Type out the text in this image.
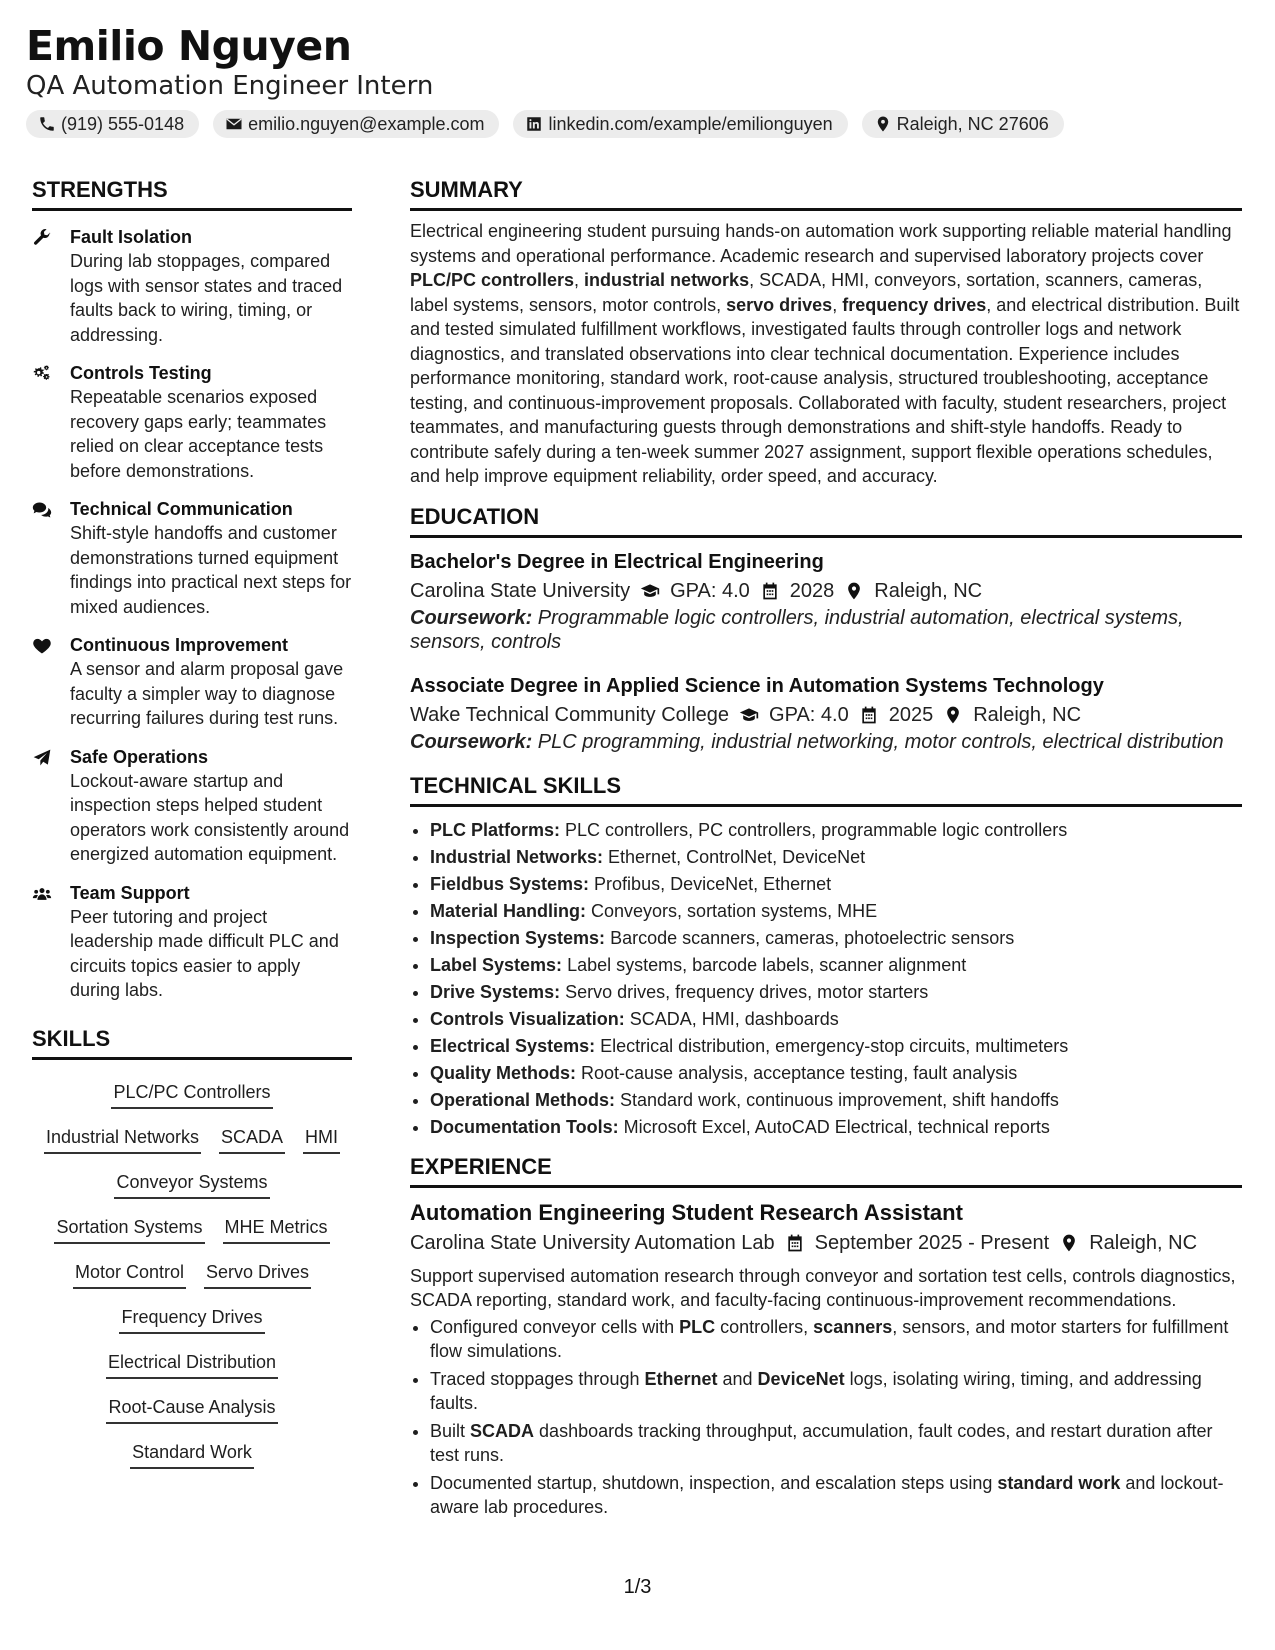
Emilio Nguyen
QA Automation Engineer Intern
(919) 555-0148	emilio.nguyen@example.com	linkedin.com/example/emilionguyen	Raleigh, NC 27606
STRENGTHS
Fault Isolation
During lab stoppages, compared logs with sensor states and traced faults back to wiring, timing, or addressing.
Controls Testing
Repeatable scenarios exposed recovery gaps early; teammates relied on clear acceptance tests before demonstrations.
Technical Communication
Shift-style handoffs and customer demonstrations turned equipment findings into practical next steps for mixed audiences.
Continuous Improvement
A sensor and alarm proposal gave faculty a simpler way to diagnose recurring failures during test runs.
Safe Operations
Lockout-aware startup and inspection steps helped student operators work consistently around energized automation equipment.
Team Support
Peer tutoring and project leadership made difficult PLC and circuits topics easier to apply during labs.
SKILLS
PLC/PC Controllers
Industrial Networks SCADA HMI
Conveyor Systems
Sortation Systems MHE Metrics
Motor Control Servo Drives
Frequency Drives
Electrical Distribution
Root-Cause Analysis
Standard Work
SUMMARY
Electrical engineering student pursuing hands-on automation work supporting reliable material handling systems and operational performance. Academic research and supervised laboratory projects cover PLC/PC controllers, industrial networks, SCADA, HMI, conveyors, sortation, scanners, cameras, label systems, sensors, motor controls, servo drives, frequency drives, and electrical distribution. Built and tested simulated fulfillment workflows, investigated faults through controller logs and network diagnostics, and translated observations into clear technical documentation. Experience includes performance monitoring, standard work, root-cause analysis, structured troubleshooting, acceptance testing, and continuous-improvement proposals. Collaborated with faculty, student researchers, project teammates, and manufacturing guests through demonstrations and shift-style handoffs. Ready to contribute safely during a ten-week summer 2027 assignment, support flexible operations schedules, and help improve equipment reliability, order speed, and accuracy.
EDUCATION
Bachelor's Degree in Electrical Engineering
Carolina State University GPA: 4.0 2028 Raleigh, NC
Coursework: Programmable logic controllers, industrial automation, electrical systems, sensors, controls
Associate Degree in Applied Science in Automation Systems Technology
Wake Technical Community College GPA: 4.0 2025 Raleigh, NC
Coursework: PLC programming, industrial networking, motor controls, electrical distribution
TECHNICAL SKILLS
• PLC Platforms: PLC controllers, PC controllers, programmable logic controllers
• Industrial Networks: Ethernet, ControlNet, DeviceNet
• Fieldbus Systems: Profibus, DeviceNet, Ethernet
• Material Handling: Conveyors, sortation systems, MHE
• Inspection Systems: Barcode scanners, cameras, photoelectric sensors
• Label Systems: Label systems, barcode labels, scanner alignment
• Drive Systems: Servo drives, frequency drives, motor starters
• Controls Visualization: SCADA, HMI, dashboards
• Electrical Systems: Electrical distribution, emergency-stop circuits, multimeters
• Quality Methods: Root-cause analysis, acceptance testing, fault analysis
• Operational Methods: Standard work, continuous improvement, shift handoffs
• Documentation Tools: Microsoft Excel, AutoCAD Electrical, technical reports
EXPERIENCE
Automation Engineering Student Research Assistant
Carolina State University Automation Lab September 2025 - Present Raleigh, NC
Support supervised automation research through conveyor and sortation test cells, controls diagnostics, SCADA reporting, standard work, and faculty-facing continuous-improvement recommendations.
• Configured conveyor cells with PLC controllers, scanners, sensors, and motor starters for fulfillment flow simulations.
• Traced stoppages through Ethernet and DeviceNet logs, isolating wiring, timing, and addressing faults.
• Built SCADA dashboards tracking throughput, accumulation, fault codes, and restart duration after test runs.
• Documented startup, shutdown, inspection, and escalation steps using standard work and lockout-aware lab procedures.
1/3
